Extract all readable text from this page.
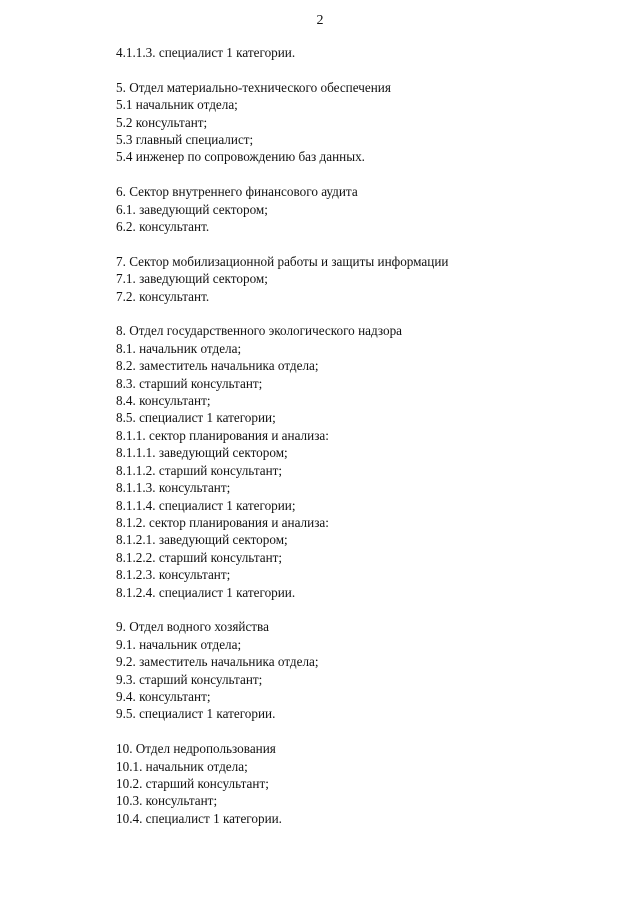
2
4.1.1.3. специалист 1 категории.
5. Отдел материально-технического обеспечения
5.1 начальник отдела;
5.2 консультант;
5.3 главный специалист;
5.4 инженер по сопровождению баз данных.
6. Сектор внутреннего финансового аудита
6.1. заведующий сектором;
6.2. консультант.
7. Сектор мобилизационной работы и защиты информации
7.1. заведующий сектором;
7.2. консультант.
8. Отдел государственного экологического надзора
8.1. начальник отдела;
8.2. заместитель начальника отдела;
8.3. старший консультант;
8.4. консультант;
8.5. специалист 1 категории;
8.1.1. сектор планирования и анализа:
8.1.1.1. заведующий сектором;
8.1.1.2. старший консультант;
8.1.1.3. консультант;
8.1.1.4. специалист 1 категории;
8.1.2. сектор планирования и анализа:
8.1.2.1. заведующий сектором;
8.1.2.2. старший консультант;
8.1.2.3. консультант;
8.1.2.4. специалист 1 категории.
9. Отдел водного хозяйства
9.1. начальник отдела;
9.2. заместитель начальника отдела;
9.3. старший консультант;
9.4. консультант;
9.5. специалист 1 категории.
10. Отдел недропользования
10.1. начальник отдела;
10.2. старший консультант;
10.3. консультант;
10.4. специалист 1 категории.
